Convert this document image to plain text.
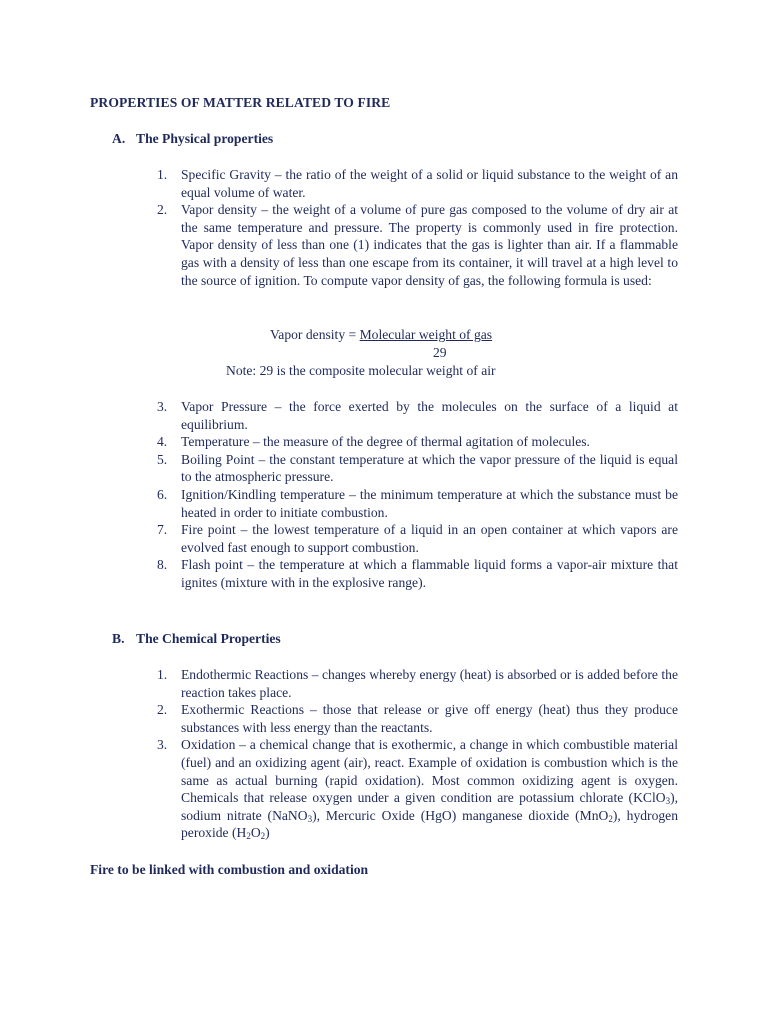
PROPERTIES OF MATTER RELATED TO FIRE
A. The Physical properties
1. Specific Gravity – the ratio of the weight of a solid or liquid substance to the weight of an equal volume of water.
2. Vapor density – the weight of a volume of pure gas composed to the volume of dry air at the same temperature and pressure. The property is commonly used in fire protection. Vapor density of less than one (1) indicates that the gas is lighter than air. If a flammable gas with a density of less than one escape from its container, it will travel at a high level to the source of ignition. To compute vapor density of gas, the following formula is used:
Vapor density = Molecular weight of gas
29
Note: 29 is the composite molecular weight of air
3. Vapor Pressure – the force exerted by the molecules on the surface of a liquid at equilibrium.
4. Temperature – the measure of the degree of thermal agitation of molecules.
5. Boiling Point – the constant temperature at which the vapor pressure of the liquid is equal to the atmospheric pressure.
6. Ignition/Kindling temperature – the minimum temperature at which the substance must be heated in order to initiate combustion.
7. Fire point – the lowest temperature of a liquid in an open container at which vapors are evolved fast enough to support combustion.
8. Flash point – the temperature at which a flammable liquid forms a vapor-air mixture that ignites (mixture with in the explosive range).
B. The Chemical Properties
1. Endothermic Reactions – changes whereby energy (heat) is absorbed or is added before the reaction takes place.
2. Exothermic Reactions – those that release or give off energy (heat) thus they produce substances with less energy than the reactants.
3. Oxidation – a chemical change that is exothermic, a change in which combustible material (fuel) and an oxidizing agent (air), react. Example of oxidation is combustion which is the same as actual burning (rapid oxidation). Most common oxidizing agent is oxygen. Chemicals that release oxygen under a given condition are potassium chlorate (KClO$_3$), sodium nitrate (NaNO$_3$), Mercuric Oxide (HgO) manganese dioxide (MnO$_2$), hydrogen peroxide $(H_2O_2)$
Fire to be linked with combustion and oxidation
